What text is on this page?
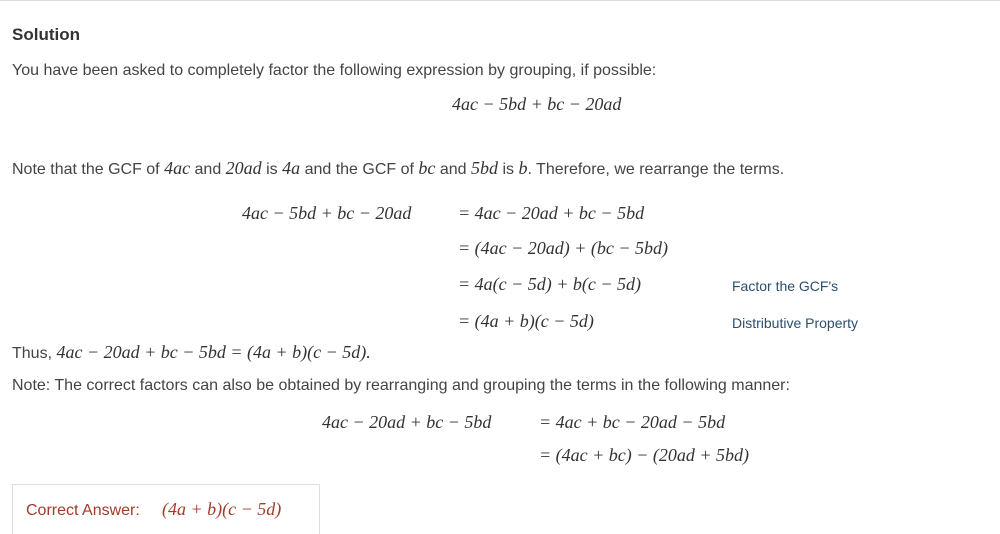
Solution
You have been asked to completely factor the following expression by grouping, if possible:
4ac − 5bd + bc − 20ad
Note that the GCF of 4ac and 20ad is 4a and the GCF of bc and 5bd is b. Therefore, we rearrange the terms.
4ac − 5bd + bc − 20ad	= 4ac − 20ad + bc − 5bd
= (4ac − 20ad) + (bc − 5bd)
= 4a(c − 5d) + b(c − 5d)	Factor the GCF's
= (4a + b)(c − 5d)	Distributive Property
Thus, 4ac − 20ad + bc − 5bd = (4a + b)(c − 5d).
Note: The correct factors can also be obtained by rearranging and grouping the terms in the following manner:
4ac − 20ad + bc − 5bd	= 4ac + bc − 20ad − 5bd
= (4ac + bc) − (20ad + 5bd)
Correct Answer: (4a + b)(c − 5d)
